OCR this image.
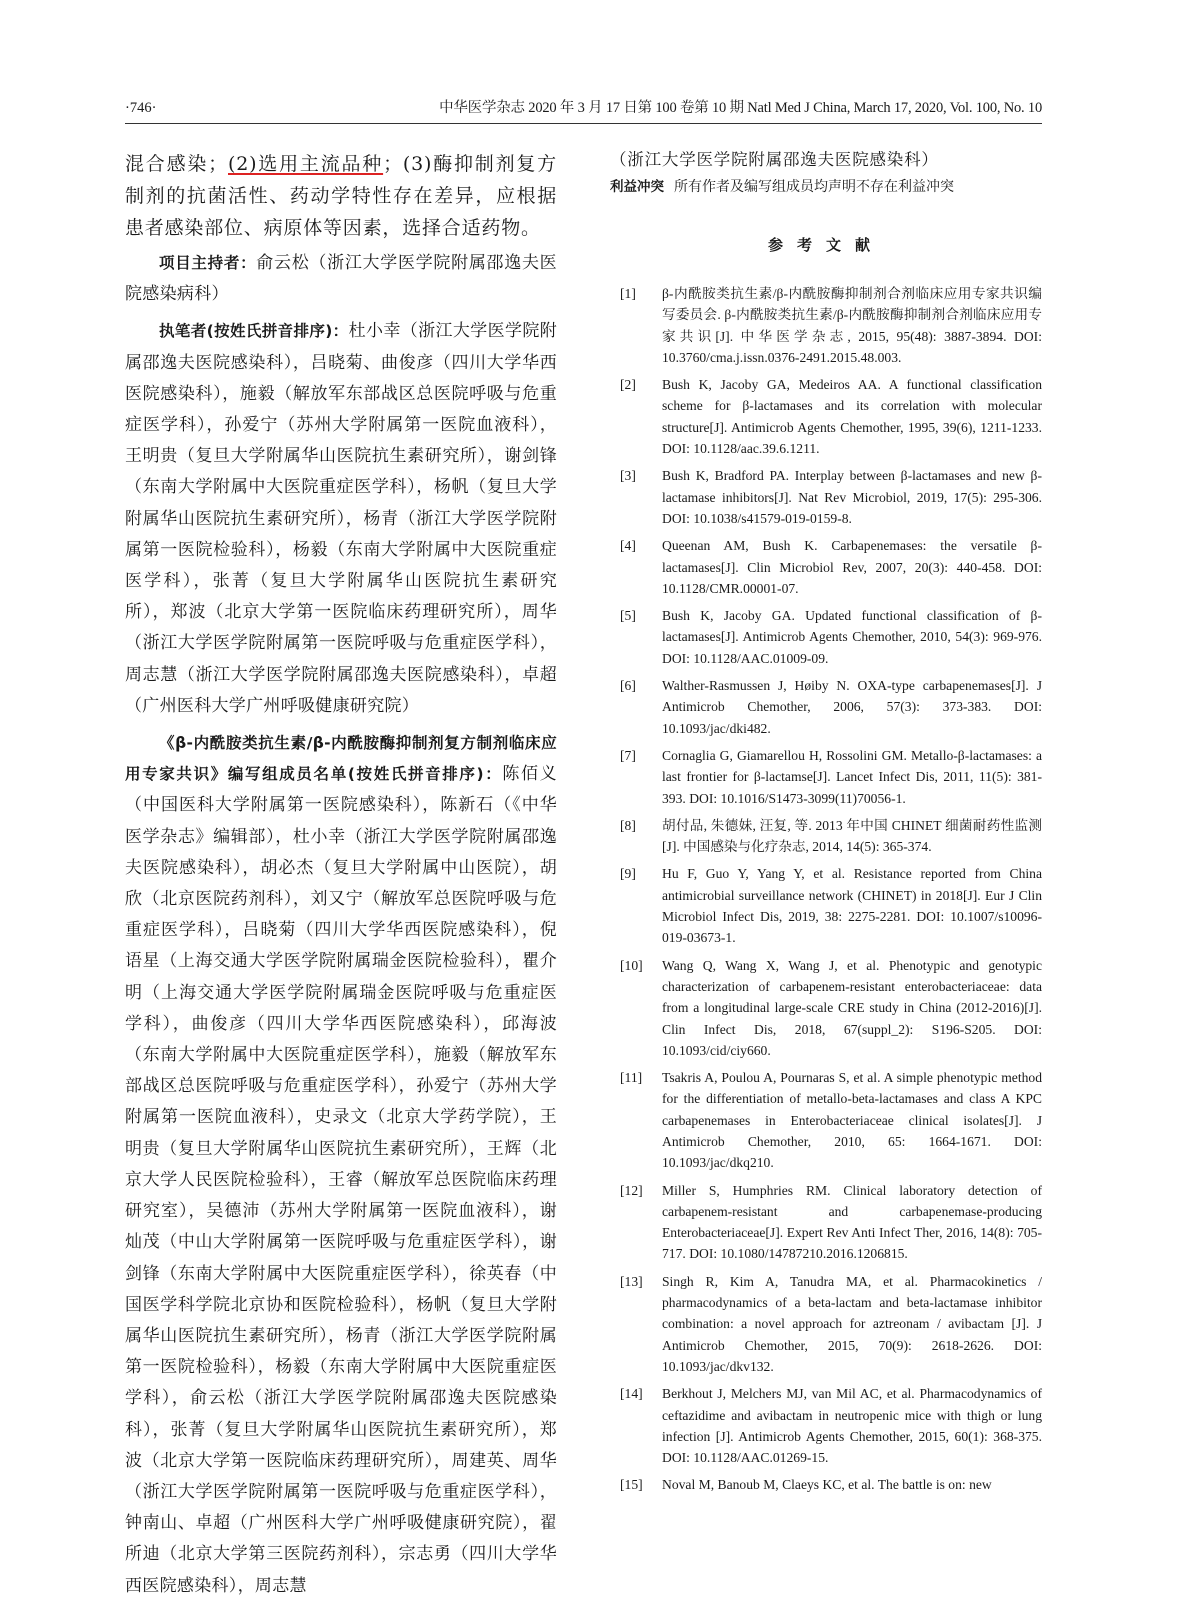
·746·	中华医学杂志 2020 年 3 月 17 日第 100 卷第 10 期 Natl Med J China, March 17, 2020, Vol. 100, No. 10

混合感染；(2)选用主流品种；(3)酶抑制剂复方制剂的抗菌活性、药动学特性存在差异，应根据患者感染部位、病原体等因素，选择合适药物。

项目主持者：俞云松（浙江大学医学院附属邵逸夫医院感染病科）

执笔者(按姓氏拼音排序)：杜小幸（浙江大学医学院附属邵逸夫医院感染科），吕晓菊、曲俊彦（四川大学华西医院感染科），施毅（解放军东部战区总医院呼吸与危重症医学科），孙爱宁（苏州大学附属第一医院血液科），王明贵（复旦大学附属华山医院抗生素研究所），谢剑锋（东南大学附属中大医院重症医学科），杨帆（复旦大学附属华山医院抗生素研究所），杨青（浙江大学医学院附属第一医院检验科），杨毅（东南大学附属中大医院重症医学科），张菁（复旦大学附属华山医院抗生素研究所），郑波（北京大学第一医院临床药理研究所），周华（浙江大学医学院附属第一医院呼吸与危重症医学科），周志慧（浙江大学医学院附属邵逸夫医院感染科），卓超（广州医科大学广州呼吸健康研究院）

《β-内酰胺类抗生素/β-内酰胺酶抑制剂复方制剂临床应用专家共识》编写组成员名单(按姓氏拼音排序)：陈佰义（中国医科大学附属第一医院感染科），陈新石（《中华医学杂志》编辑部），杜小幸（浙江大学医学院附属邵逸夫医院感染科），胡必杰（复旦大学附属中山医院），胡欣（北京医院药剂科），刘又宁（解放军总医院呼吸与危重症医学科），吕晓菊（四川大学华西医院感染科），倪语星（上海交通大学医学院附属瑞金医院检验科），瞿介明（上海交通大学医学院附属瑞金医院呼吸与危重症医学科），曲俊彦（四川大学华西医院感染科），邱海波（东南大学附属中大医院重症医学科），施毅（解放军东部战区总医院呼吸与危重症医学科），孙爱宁（苏州大学附属第一医院血液科），史录文（北京大学药学院），王明贵（复旦大学附属华山医院抗生素研究所），王辉（北京大学人民医院检验科），王睿（解放军总医院临床药理研究室），吴德沛（苏州大学附属第一医院血液科），谢灿茂（中山大学附属第一医院呼吸与危重症医学科），谢剑锋（东南大学附属中大医院重症医学科），徐英春（中国医学科学院北京协和医院检验科），杨帆（复旦大学附属华山医院抗生素研究所），杨青（浙江大学医学院附属第一医院检验科），杨毅（东南大学附属中大医院重症医学科），俞云松（浙江大学医学院附属邵逸夫医院感染科），张菁（复旦大学附属华山医院抗生素研究所），郑波（北京大学第一医院临床药理研究所），周建英、周华（浙江大学医学院附属第一医院呼吸与危重症医学科），钟南山、卓超（广州医科大学广州呼吸健康研究院），翟所迪（北京大学第三医院药剂科），宗志勇（四川大学华西医院感染科），周志慧

（浙江大学医学院附属邵逸夫医院感染科）

利益冲突 所有作者及编写组成员均声明不存在利益冲突

参考文献
[1] β-内酰胺类抗生素/β-内酰胺酶抑制剂合剂临床应用专家共识编写委员会. β-内酰胺类抗生素/β-内酰胺酶抑制剂合剂临床应用专家共识[J]. 中华医学杂志, 2015, 95(48): 3887-3894. DOI: 10.3760/cma.j.issn.0376-2491.2015.48.003.
[2] Bush K, Jacoby GA, Medeiros AA. A functional classification scheme for β-lactamases and its correlation with molecular structure[J]. Antimicrob Agents Chemother, 1995, 39(6), 1211-1233. DOI: 10.1128/aac.39.6.1211.
[3] Bush K, Bradford PA. Interplay between β-lactamases and new β-lactamase inhibitors[J]. Nat Rev Microbiol, 2019, 17(5): 295-306. DOI: 10.1038/s41579-019-0159-8.
[4] Queenan AM, Bush K. Carbapenemases: the versatile β-lactamases[J]. Clin Microbiol Rev, 2007, 20(3): 440-458. DOI: 10.1128/CMR.00001-07.
[5] Bush K, Jacoby GA. Updated functional classification of β-lactamases[J]. Antimicrob Agents Chemother, 2010, 54(3): 969-976. DOI: 10.1128/AAC.01009-09.
[6] Walther-Rasmussen J, Høiby N. OXA-type carbapenemases[J]. J Antimicrob Chemother, 2006, 57(3): 373-383. DOI: 10.1093/jac/dki482.
[7] Cornaglia G, Giamarellou H, Rossolini GM. Metallo-β-lactamases: a last frontier for β-lactamse[J]. Lancet Infect Dis, 2011, 11(5): 381-393. DOI: 10.1016/S1473-3099(11)70056-1.
[8] 胡付品, 朱德妹, 汪复, 等. 2013 年中国 CHINET 细菌耐药性监测[J]. 中国感染与化疗杂志, 2014, 14(5): 365-374.
[9] Hu F, Guo Y, Yang Y, et al. Resistance reported from China antimicrobial surveillance network (CHINET) in 2018[J]. Eur J Clin Microbiol Infect Dis, 2019, 38: 2275-2281. DOI: 10.1007/s10096-019-03673-1.
[10] Wang Q, Wang X, Wang J, et al. Phenotypic and genotypic characterization of carbapenem-resistant enterobacteriaceae: data from a longitudinal large-scale CRE study in China (2012-2016)[J]. Clin Infect Dis, 2018, 67(suppl_2): S196-S205. DOI: 10.1093/cid/ciy660.
[11] Tsakris A, Poulou A, Pournaras S, et al. A simple phenotypic method for the differentiation of metallo-beta-lactamases and class A KPC carbapenemases in Enterobacteriaceae clinical isolates[J]. J Antimicrob Chemother, 2010, 65: 1664-1671. DOI: 10.1093/jac/dkq210.
[12] Miller S, Humphries RM. Clinical laboratory detection of carbapenem-resistant and carbapenemase-producing Enterobacteriaceae[J]. Expert Rev Anti Infect Ther, 2016, 14(8): 705-717. DOI: 10.1080/14787210.2016.1206815.
[13] Singh R, Kim A, Tanudra MA, et al. Pharmacokinetics / pharmacodynamics of a beta-lactam and beta-lactamase inhibitor combination: a novel approach for aztreonam / avibactam [J]. J Antimicrob Chemother, 2015, 70(9): 2618-2626. DOI: 10.1093/jac/dkv132.
[14] Berkhout J, Melchers MJ, van Mil AC, et al. Pharmacodynamics of ceftazidime and avibactam in neutropenic mice with thigh or lung infection [J]. Antimicrob Agents Chemother, 2015, 60(1): 368-375. DOI: 10.1128/AAC.01269-15.
[15] Noval M, Banoub M, Claeys KC, et al. The battle is on: new
